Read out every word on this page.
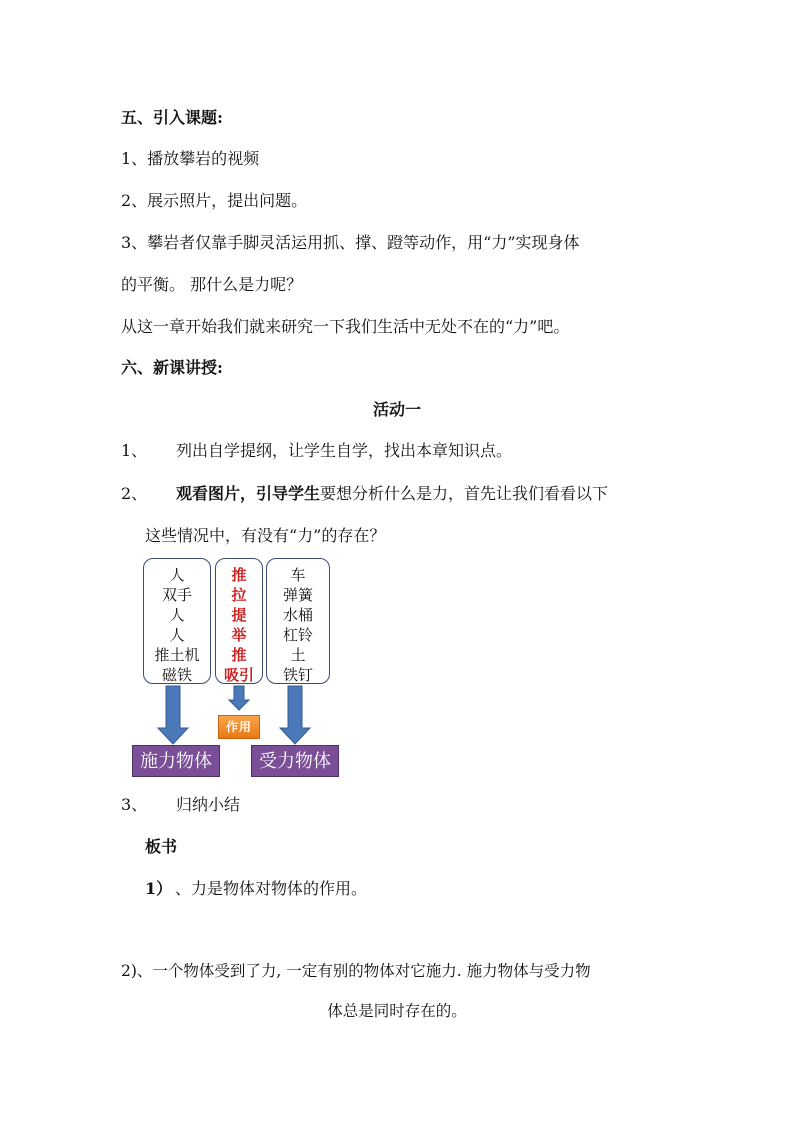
五、引入课题:
1、播放攀岩的视频
2、展示照片，提出问题。
3、攀岩者仅靠手脚灵活运用抓、撑、蹬等动作，用“力”实现身体
的平衡。 那什么是力呢？
从这一章开始我们就来研究一下我们生活中无处不在的“力”吧。
六、新课讲授:
活动一
1、 列出自学提纲，让学生自学，找出本章知识点。
2、 观看图片，引导学生要想分析什么是力，首先让我们看看以下
这些情况中，有没有“力”的存在？
人
双手
人
人
推土机
磁铁
推
拉
提
举
推
吸引
车
弹簧
水桶
杠铃
土
铁钉
作用
施力物体	受力物体
3、 归纳小结
板书
1） 、力是物体对物体的作用。
2)、一个物体受到了力, 一定有别的物体对它施力. 施力物体与受力物
体总是同时存在的。
